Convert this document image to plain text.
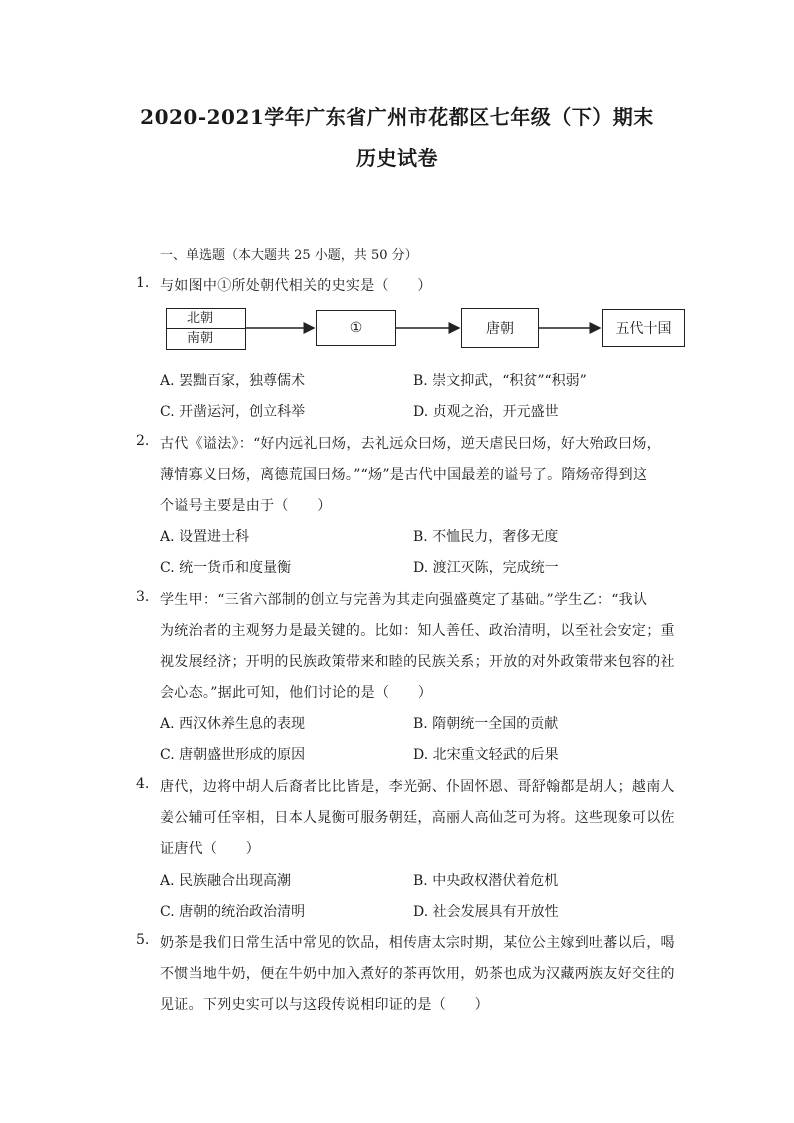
2020-2021学年广东省广州市花都区七年级（下）期末
历史试卷
一、单选题（本大题共 25 小题，共 50 分）
1. 与如图中①所处朝代相关的史实是（　　）
北朝
南朝
①	唐朝	五代十国
A. 罢黜百家，独尊儒术	B. 崇文抑武，“积贫”“积弱”
C. 开凿运河，创立科举	D. 贞观之治，开元盛世
2. 古代《谥法》：“好内远礼曰炀，去礼远众曰炀，逆天虐民曰炀，好大殆政曰炀，
薄情寡义曰炀，离德荒国曰炀。”“炀”是古代中国最差的谥号了。隋炀帝得到这
个谥号主要是由于（　　）
A. 设置进士科	B. 不恤民力，奢侈无度
C. 统一货币和度量衡	D. 渡江灭陈，完成统一
3. 学生甲：“三省六部制的创立与完善为其走向强盛奠定了基础。”学生乙：“我认
为统治者的主观努力是最关键的。比如：知人善任、政治清明，以至社会安定；重
视发展经济；开明的民族政策带来和睦的民族关系；开放的对外政策带来包容的社
会心态。”据此可知，他们讨论的是（　　）
A. 西汉休养生息的表现	B. 隋朝统一全国的贡献
C. 唐朝盛世形成的原因	D. 北宋重文轻武的后果
4. 唐代，边将中胡人后裔者比比皆是，李光弼、仆固怀恩、哥舒翰都是胡人；越南人
姜公辅可任宰相，日本人晁衡可服务朝廷，高丽人高仙芝可为将。这些现象可以佐
证唐代（　　）
A. 民族融合出现高潮	B. 中央政权潜伏着危机
C. 唐朝的统治政治清明	D. 社会发展具有开放性
5. 奶茶是我们日常生活中常见的饮品，相传唐太宗时期，某位公主嫁到吐蕃以后，喝
不惯当地牛奶，便在牛奶中加入煮好的茶再饮用，奶茶也成为汉藏两族友好交往的
见证。下列史实可以与这段传说相印证的是（　　）
